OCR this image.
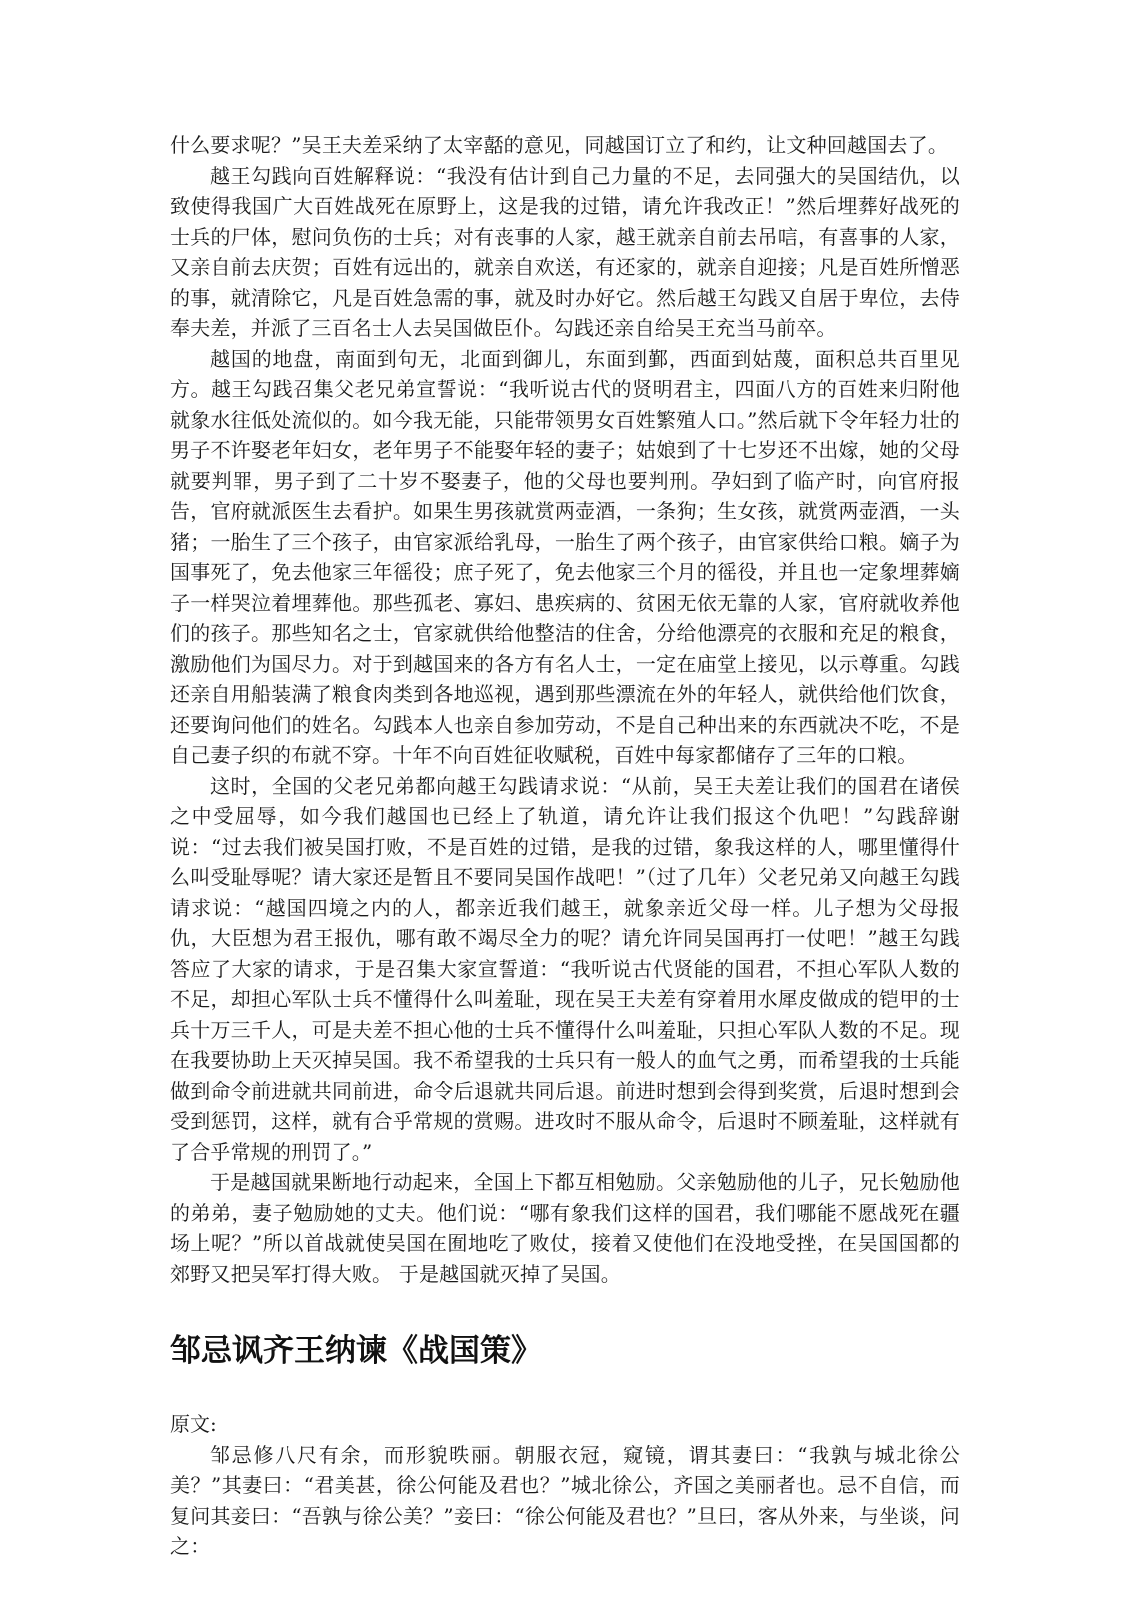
什么要求呢？”吴王夫差采纳了太宰嚭的意见，同越国订立了和约，让文种回越国去了。

越王勾践向百姓解释说：“我没有估计到自己力量的不足，去同强大的吴国结仇，以致使得我国广大百姓战死在原野上，这是我的过错，请允许我改正！”然后埋葬好战死的士兵的尸体，慰问负伤的士兵；对有丧事的人家，越王就亲自前去吊唁，有喜事的人家，又亲自前去庆贺；百姓有远出的，就亲自欢送，有还家的，就亲自迎接；凡是百姓所憎恶的事，就清除它，凡是百姓急需的事，就及时办好它。然后越王勾践又自居于卑位，去侍奉夫差，并派了三百名士人去吴国做臣仆。勾践还亲自给吴王充当马前卒。

越国的地盘，南面到句无，北面到御儿，东面到鄞，西面到姑蔑，面积总共百里见方。越王勾践召集父老兄弟宣誓说：“我听说古代的贤明君主，四面八方的百姓来归附他就象水往低处流似的。如今我无能，只能带领男女百姓繁殖人口。”然后就下令年轻力壮的男子不许娶老年妇女，老年男子不能娶年轻的妻子；姑娘到了十七岁还不出嫁，她的父母就要判罪，男子到了二十岁不娶妻子，他的父母也要判刑。孕妇到了临产时，向官府报告，官府就派医生去看护。如果生男孩就赏两壶酒，一条狗；生女孩，就赏两壶酒，一头猪；一胎生了三个孩子，由官家派给乳母，一胎生了两个孩子，由官家供给口粮。嫡子为国事死了，免去他家三年徭役；庶子死了，免去他家三个月的徭役，并且也一定象埋葬嫡子一样哭泣着埋葬他。那些孤老、寡妇、患疾病的、贫困无依无靠的人家，官府就收养他们的孩子。那些知名之士，官家就供给他整洁的住舍，分给他漂亮的衣服和充足的粮食，激励他们为国尽力。对于到越国来的各方有名人士，一定在庙堂上接见，以示尊重。勾践还亲自用船装满了粮食肉类到各地巡视，遇到那些漂流在外的年轻人，就供给他们饮食，还要询问他们的姓名。勾践本人也亲自参加劳动，不是自己种出来的东西就决不吃，不是自己妻子织的布就不穿。十年不向百姓征收赋税，百姓中每家都储存了三年的口粮。

这时，全国的父老兄弟都向越王勾践请求说：“从前，吴王夫差让我们的国君在诸侯之中受屈辱，如今我们越国也已经上了轨道，请允许让我们报这个仇吧！”勾践辞谢说：“过去我们被吴国打败，不是百姓的过错，是我的过错，象我这样的人，哪里懂得什么叫受耻辱呢？请大家还是暂且不要同吴国作战吧！”（过了几年）父老兄弟又向越王勾践请求说：“越国四境之内的人，都亲近我们越王，就象亲近父母一样。儿子想为父母报仇，大臣想为君王报仇，哪有敢不竭尽全力的呢？请允许同吴国再打一仗吧！”越王勾践答应了大家的请求，于是召集大家宣誓道：“我听说古代贤能的国君，不担心军队人数的不足，却担心军队士兵不懂得什么叫羞耻，现在吴王夫差有穿着用水犀皮做成的铠甲的士兵十万三千人，可是夫差不担心他的士兵不懂得什么叫羞耻，只担心军队人数的不足。现在我要协助上天灭掉吴国。我不希望我的士兵只有一般人的血气之勇，而希望我的士兵能做到命令前进就共同前进，命令后退就共同后退。前进时想到会得到奖赏，后退时想到会受到惩罚，这样，就有合乎常规的赏赐。进攻时不服从命令，后退时不顾羞耻，这样就有了合乎常规的刑罚了。”

于是越国就果断地行动起来，全国上下都互相勉励。父亲勉励他的儿子，兄长勉励他的弟弟，妻子勉励她的丈夫。他们说：“哪有象我们这样的国君，我们哪能不愿战死在疆场上呢？”所以首战就使吴国在囿地吃了败仗，接着又使他们在没地受挫，在吴国国都的郊野又把吴军打得大败。 于是越国就灭掉了吴国。

邹忌讽齐王纳谏《战国策》

原文:

邹忌修八尺有余，而形貌昳丽。朝服衣冠，窥镜，谓其妻曰：“我孰与城北徐公美？”其妻曰：“君美甚，徐公何能及君也？”城北徐公，齐国之美丽者也。忌不自信，而复问其妾曰：“吾孰与徐公美？”妾曰：“徐公何能及君也？”旦曰，客从外来，与坐谈，问之：
